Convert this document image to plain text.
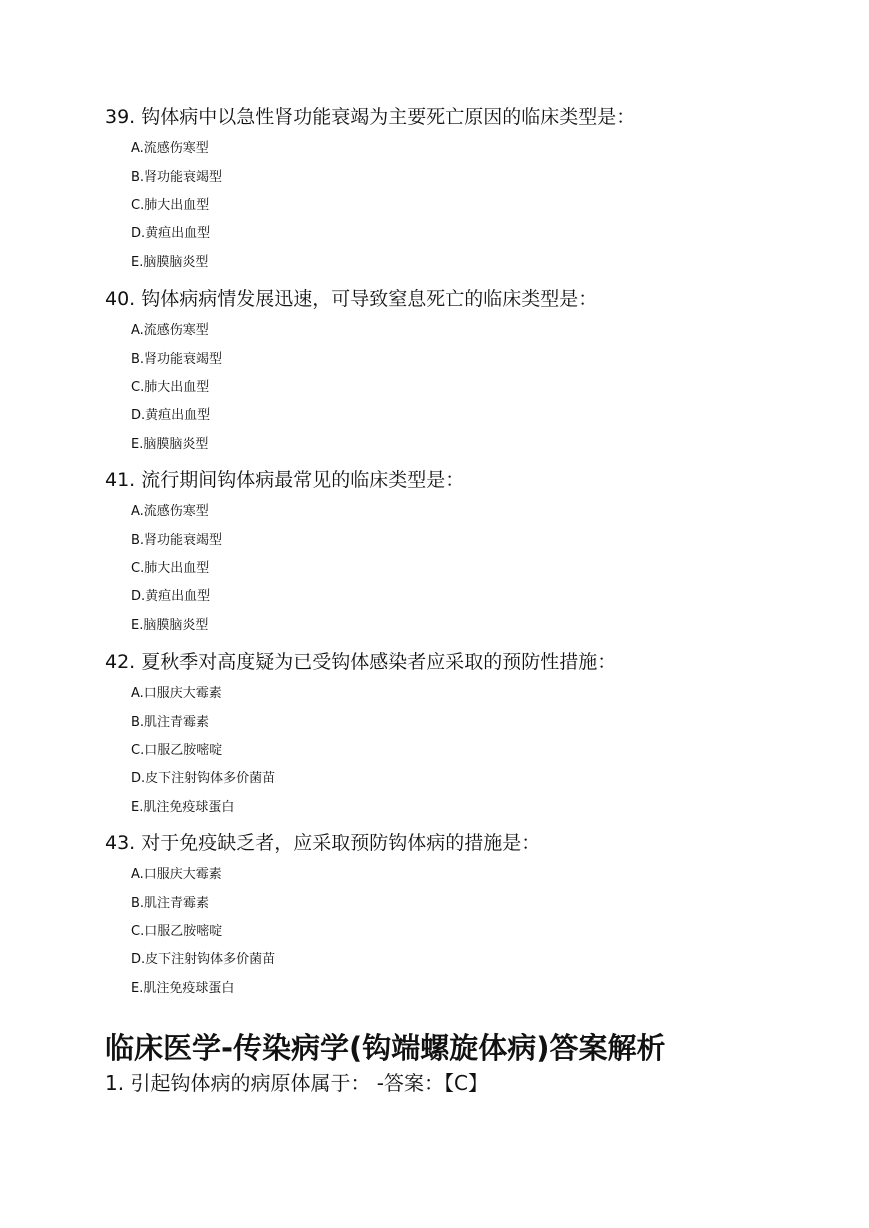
39. 钩体病中以急性肾功能衰竭为主要死亡原因的临床类型是：
A.流感伤寒型
B.肾功能衰竭型
C.肺大出血型
D.黄疸出血型
E.脑膜脑炎型
40. 钩体病病情发展迅速，可导致窒息死亡的临床类型是：
A.流感伤寒型
B.肾功能衰竭型
C.肺大出血型
D.黄疸出血型
E.脑膜脑炎型
41. 流行期间钩体病最常见的临床类型是：
A.流感伤寒型
B.肾功能衰竭型
C.肺大出血型
D.黄疸出血型
E.脑膜脑炎型
42. 夏秋季对高度疑为已受钩体感染者应采取的预防性措施：
A.口服庆大霉素
B.肌注青霉素
C.口服乙胺嘧啶
D.皮下注射钩体多价菌苗
E.肌注免疫球蛋白
43. 对于免疫缺乏者，应采取预防钩体病的措施是：
A.口服庆大霉素
B.肌注青霉素
C.口服乙胺嘧啶
D.皮下注射钩体多价菌苗
E.肌注免疫球蛋白
临床医学-传染病学(钩端螺旋体病)答案解析
1. 引起钩体病的病原体属于： -答案：【C】
